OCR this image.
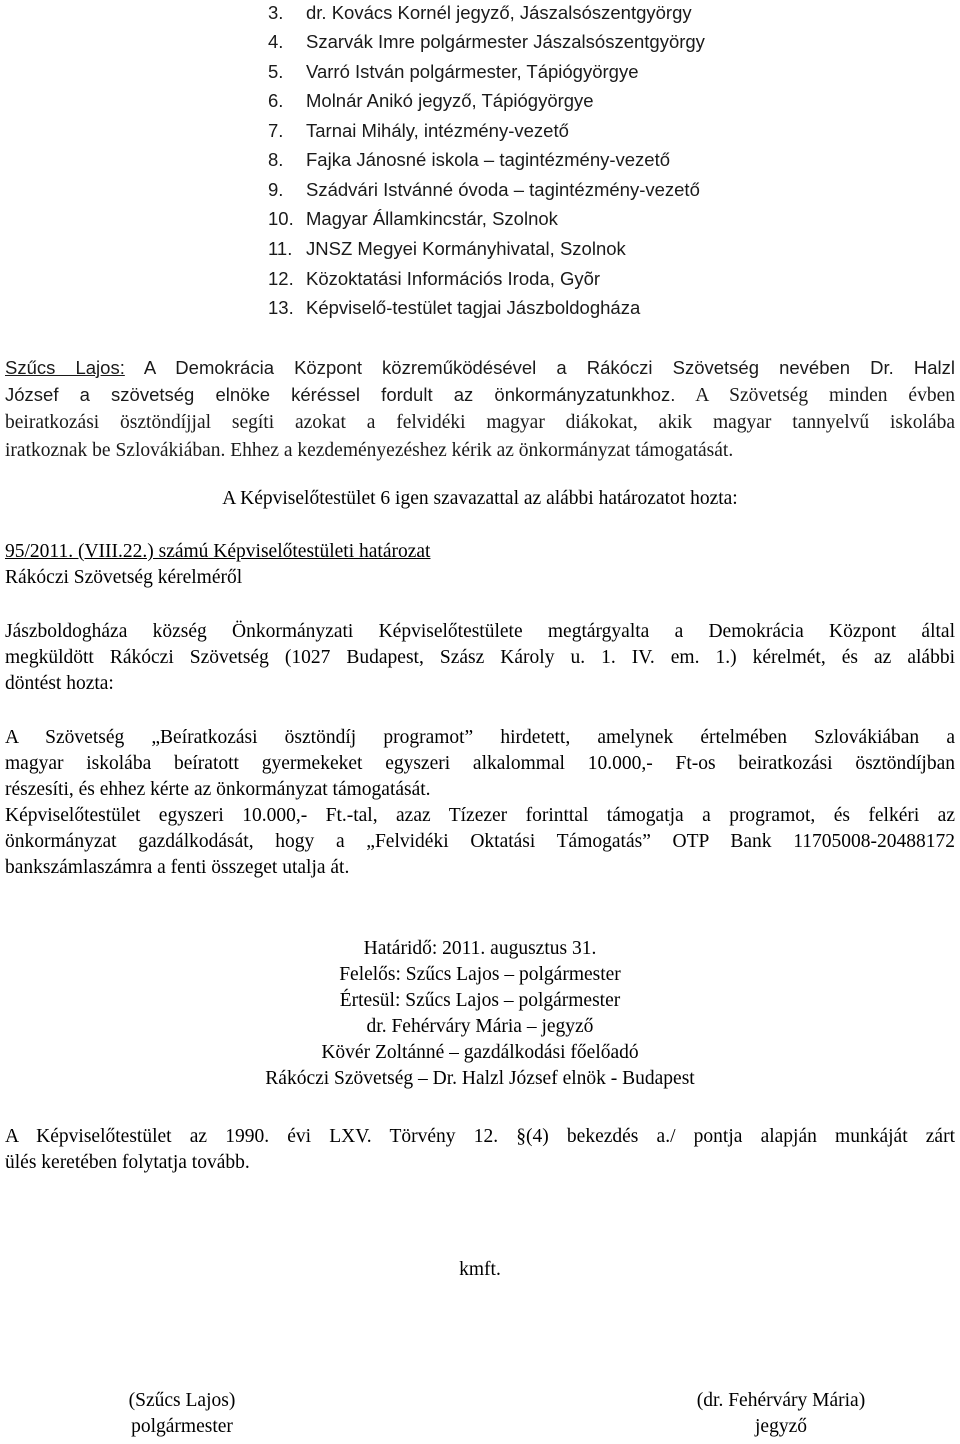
3.	dr. Kovács Kornél jegyző, Jászalsószentgyörgy
4.	Szarvák Imre polgármester Jászalsószentgyörgy
5.	Varró István polgármester, Tápiógyörgye
6.	Molnár Anikó jegyző, Tápiógyörgye
7.	Tarnai Mihály, intézmény-vezető
8.	Fajka Jánosné iskola – tagintézmény-vezető
9.	Szádvári Istvánné óvoda – tagintézmény-vezető
10. Magyar Államkincstár, Szolnok
11. JNSZ Megyei Kormányhivatal, Szolnok
12. Közoktatási Információs Iroda, Gyõr
13. Képviselő-testület tagjai Jászboldogháza
Szűcs Lajos: A Demokrácia Központ közreműködésével a Rákóczi Szövetség nevében Dr. Halzl
József a szövetség elnöke kéréssel fordult az önkormányzatunkhoz. A Szövetség minden évben
beiratkozási ösztöndíjjal segíti azokat a felvidéki magyar diákokat, akik magyar tannyelvű iskolába
iratkoznak be Szlovákiában. Ehhez a kezdeményezéshez kérik az önkormányzat támogatását.
A Képviselőtestület 6 igen szavazattal az alábbi határozatot hozta:
95/2011. (VIII.22.) számú Képviselőtestületi határozat
Rákóczi Szövetség kérelméről
Jászboldogháza község Önkormányzati Képviselőtestülete megtárgyalta a Demokrácia Központ által
megküldött Rákóczi Szövetség (1027 Budapest, Szász Károly u. 1. IV. em. 1.) kérelmét, és az alábbi
döntést hozta:
A Szövetség „Beíratkozási ösztöndíj programot” hirdetett, amelynek értelmében Szlovákiában a
magyar iskolába beíratott gyermekeket egyszeri alkalommal 10.000,- Ft-os beiratkozási ösztöndíjban
részesíti, és ehhez kérte az önkormányzat támogatását.
Képviselőtestület egyszeri 10.000,- Ft.-tal, azaz Tízezer forinttal támogatja a programot, és felkéri az
önkormányzat gazdálkodását, hogy a „Felvidéki Oktatási Támogatás” OTP Bank 11705008-20488172
bankszámlaszámra a fenti összeget utalja át.
Határidő: 2011. augusztus 31.
Felelős: Szűcs Lajos – polgármester
Értesül: Szűcs Lajos – polgármester
dr. Fehérváry Mária – jegyző
Kövér Zoltánné – gazdálkodási főelőadó
Rákóczi Szövetség – Dr. Halzl József elnök - Budapest
A Képviselőtestület az 1990. évi LXV. Törvény 12. §(4) bekezdés a./ pontja alapján munkáját zárt
ülés keretében folytatja tovább.
kmft.
(Szűcs Lajos)
polgármester
(dr. Fehérváry Mária)
jegyző
